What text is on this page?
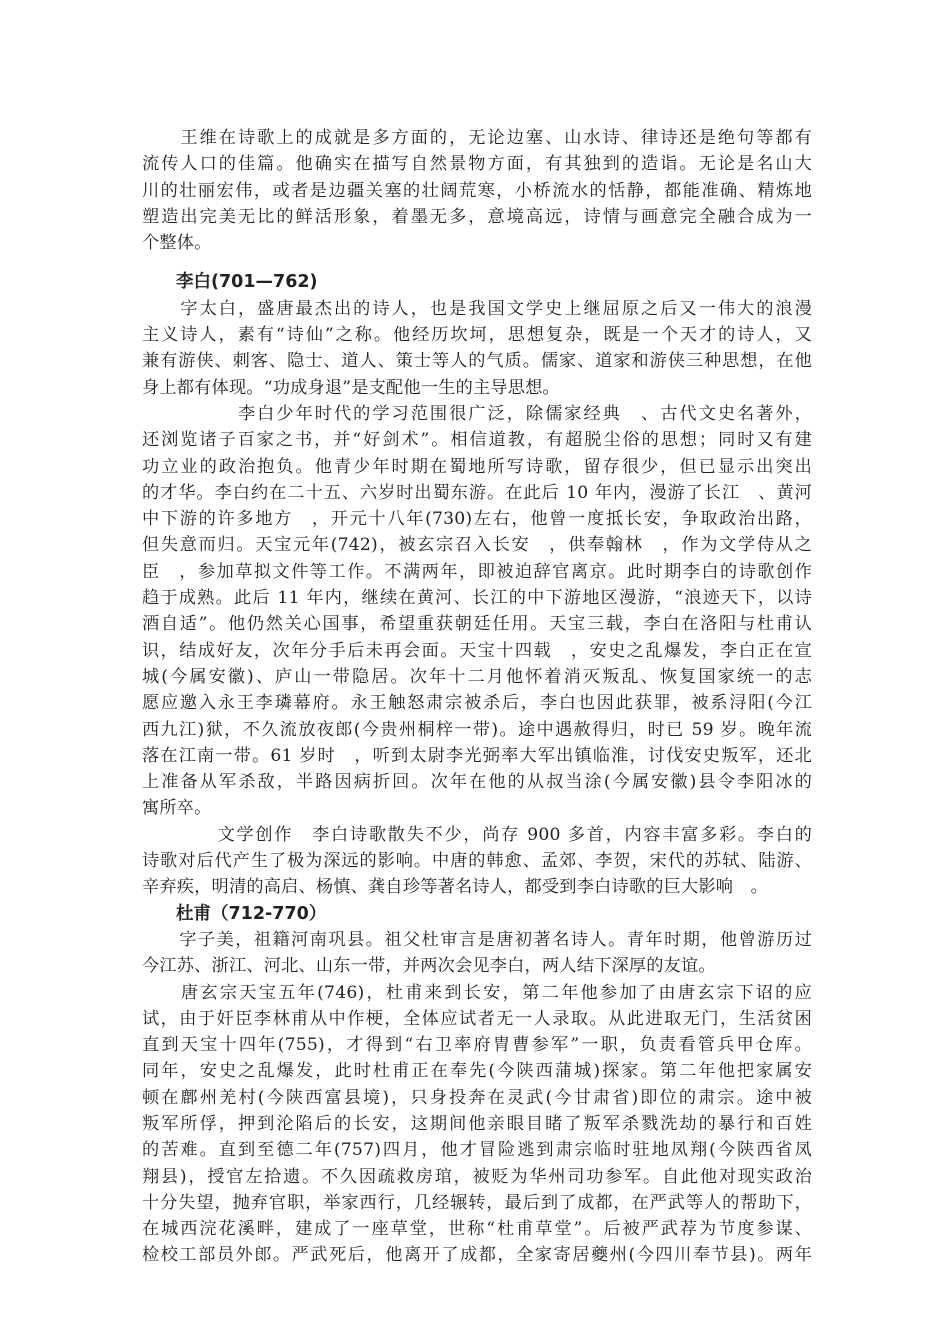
　　王维在诗歌上的成就是多方面的，无论边塞、山水诗、律诗还是绝句等都有
流传人口的佳篇。他确实在描写自然景物方面，有其独到的造诣。无论是名山大
川的壮丽宏伟，或者是边疆关塞的壮阔荒寒，小桥流水的恬静，都能准确、精炼地
塑造出完美无比的鲜活形象，着墨无多，意境高远，诗情与画意完全融合成为一
个整体。
李白(701—762)
　　字太白，盛唐最杰出的诗人，也是我国文学史上继屈原之后又一伟大的浪漫
主义诗人，素有“诗仙”之称。他经历坎坷，思想复杂，既是一个天才的诗人，又
兼有游侠、刺客、隐士、道人、策士等人的气质。儒家、道家和游侠三种思想，在他
身上都有体现。“功成身退”是支配他一生的主导思想。
　　　　　李白少年时代的学习范围很广泛，除儒家经典　、古代文史名著外，
还浏览诸子百家之书，并“好剑术”。相信道教，有超脱尘俗的思想；同时又有建
功立业的政治抱负。他青少年时期在蜀地所写诗歌，留存很少，但已显示出突出
的才华。李白约在二十五、六岁时出蜀东游。在此后 10 年内，漫游了长江　、黄河
中下游的许多地方　，开元十八年(730)左右，他曾一度抵长安，争取政治出路，
但失意而归。天宝元年(742)，被玄宗召入长安　，供奉翰林　，作为文学侍从之
臣　，参加草拟文件等工作。不满两年，即被迫辞官离京。此时期李白的诗歌创作
趋于成熟。此后 11 年内，继续在黄河、长江的中下游地区漫游，“浪迹天下，以诗
酒自适”。他仍然关心国事，希望重获朝廷任用。天宝三载，李白在洛阳与杜甫认
识，结成好友，次年分手后未再会面。天宝十四载　，安史之乱爆发，李白正在宣
城(今属安徽)、庐山一带隐居。次年十二月他怀着消灭叛乱、恢复国家统一的志
愿应邀入永王李璘幕府。永王触怒肃宗被杀后，李白也因此获罪，被系浔阳(今江
西九江)狱，不久流放夜郎(今贵州桐梓一带)。途中遇赦得归，时已 59 岁。晚年流
落在江南一带。61 岁时　，听到太尉李光弼率大军出镇临淮，讨伐安史叛军，还北
上准备从军杀敌，半路因病折回。次年在他的从叔当涂(今属安徽)县令李阳冰的
寓所卒。
　　　　文学创作　李白诗歌散失不少，尚存 900 多首，内容丰富多彩。李白的
诗歌对后代产生了极为深远的影响。中唐的韩愈、孟郊、李贺，宋代的苏轼、陆游、
辛弃疾，明清的高启、杨慎、龚自珍等著名诗人，都受到李白诗歌的巨大影响　。
杜甫（712-770）
　　字子美，祖籍河南巩县。祖父杜审言是唐初著名诗人。青年时期，他曾游历过
今江苏、浙江、河北、山东一带，并两次会见李白，两人结下深厚的友谊。
　　唐玄宗天宝五年(746)，杜甫来到长安，第二年他参加了由唐玄宗下诏的应
试，由于奸臣李林甫从中作梗，全体应试者无一人录取。从此进取无门，生活贫困
直到天宝十四年(755)，才得到“右卫率府胄曹参军”一职，负责看管兵甲仓库。
同年，安史之乱爆发，此时杜甫正在奉先(今陕西蒲城)探家。第二年他把家属安
顿在鄜州羌村(今陕西富县境)，只身投奔在灵武(今甘肃省)即位的肃宗。途中被
叛军所俘，押到沦陷后的长安，这期间他亲眼目睹了叛军杀戮洗劫的暴行和百姓
的苦难。直到至德二年(757)四月，他才冒险逃到肃宗临时驻地凤翔(今陕西省凤
翔县)，授官左拾遗。不久因疏救房琯，被贬为华州司功参军。自此他对现实政治
十分失望，抛弃官职，举家西行，几经辗转，最后到了成都，在严武等人的帮助下，
在城西浣花溪畔，建成了一座草堂，世称“杜甫草堂”。后被严武荐为节度参谋、
检校工部员外郎。严武死后，他离开了成都，全家寄居夔州(今四川奉节县)。两年
